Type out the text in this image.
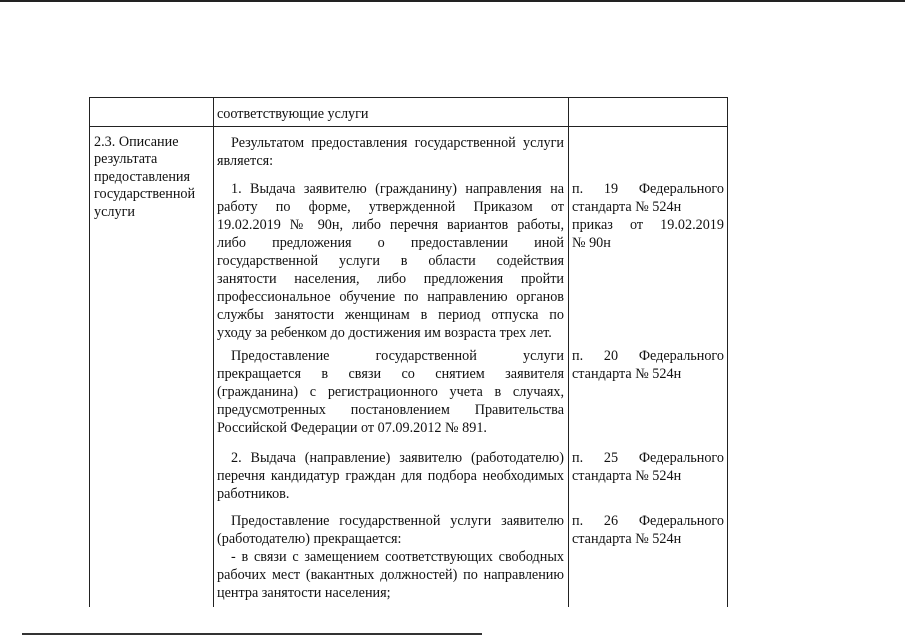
соответствующие услуги
2.3. Описание
результата
предоставления
государственной
услуги
Результатом предоставления государственной услуги
является:
1. Выдача заявителю (гражданину) направления на
работу по форме, утвержденной Приказом от
19.02.2019 № 90н, либо перечня вариантов работы,
либо предложения о предоставлении иной
государственной услуги в области содействия
занятости населения, либо предложения пройти
профессиональное обучение по направлению органов
службы занятости женщинам в период отпуска по
уходу за ребенком до достижения им возраста трех лет.
п. 19 Федерального
стандарта № 524н
приказ от 19.02.2019
№ 90н
Предоставление государственной услуги
прекращается в связи со снятием заявителя
(гражданина) с регистрационного учета в случаях,
предусмотренных постановлением Правительства
Российской Федерации от 07.09.2012 № 891.
п. 20 Федерального
стандарта № 524н
2. Выдача (направление) заявителю (работодателю)
перечня кандидатур граждан для подбора необходимых
работников.
п. 25 Федерального
стандарта № 524н
Предоставление государственной услуги заявителю
(работодателю) прекращается:
- в связи с замещением соответствующих свободных
рабочих мест (вакантных должностей) по направлению
центра занятости населения;
п. 26 Федерального
стандарта № 524н
